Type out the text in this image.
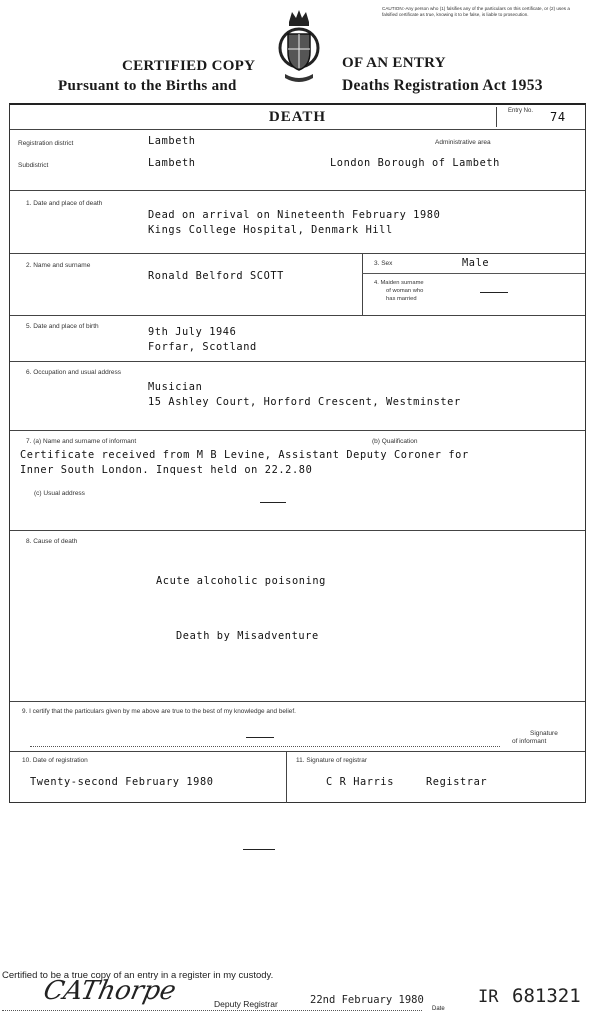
CAUTION:-Any person who (1) falsifies any of the particulars on this certificate, or (2) uses a falsified certificate as true, knowing it to be false, is liable to prosecution.
CERTIFIED COPY
Pursuant to the Births and
OF AN ENTRY
Deaths Registration Act 1953
DEATH	Entry No. 74
Registration district	Lambeth	Administrative area
Subdistrict	Lambeth	London Borough of Lambeth
1. Date and place of death
Dead on arrival on Nineteenth February 1980
Kings College Hospital, Denmark Hill
2. Name and surname
Ronald Belford SCOTT
3. Sex	Male
4. Maiden surname
of woman who
has married
5. Date and place of birth	9th July 1946
Forfar, Scotland
6. Occupation and usual address
Musician
15 Ashley Court, Horford Crescent, Westminster
7. (a) Name and surname of informant	(b) Qualification
Certificate received from M B Levine, Assistant Deputy Coroner for
Inner South London. Inquest held on 22.2.80
(c) Usual address
8. Cause of death
Acute alcoholic poisoning
Death by Misadventure
9. I certify that the particulars given by me above are true to the best of my knowledge and belief.
Signature
of informant
10. Date of registration
Twenty-second February 1980
11. Signature of registrar
C R Harris	Registrar
Certified to be a true copy of an entry in a register in my custody.
CAThorpe	Deputy Registrar	22nd February 1980
Date
IR 681321
